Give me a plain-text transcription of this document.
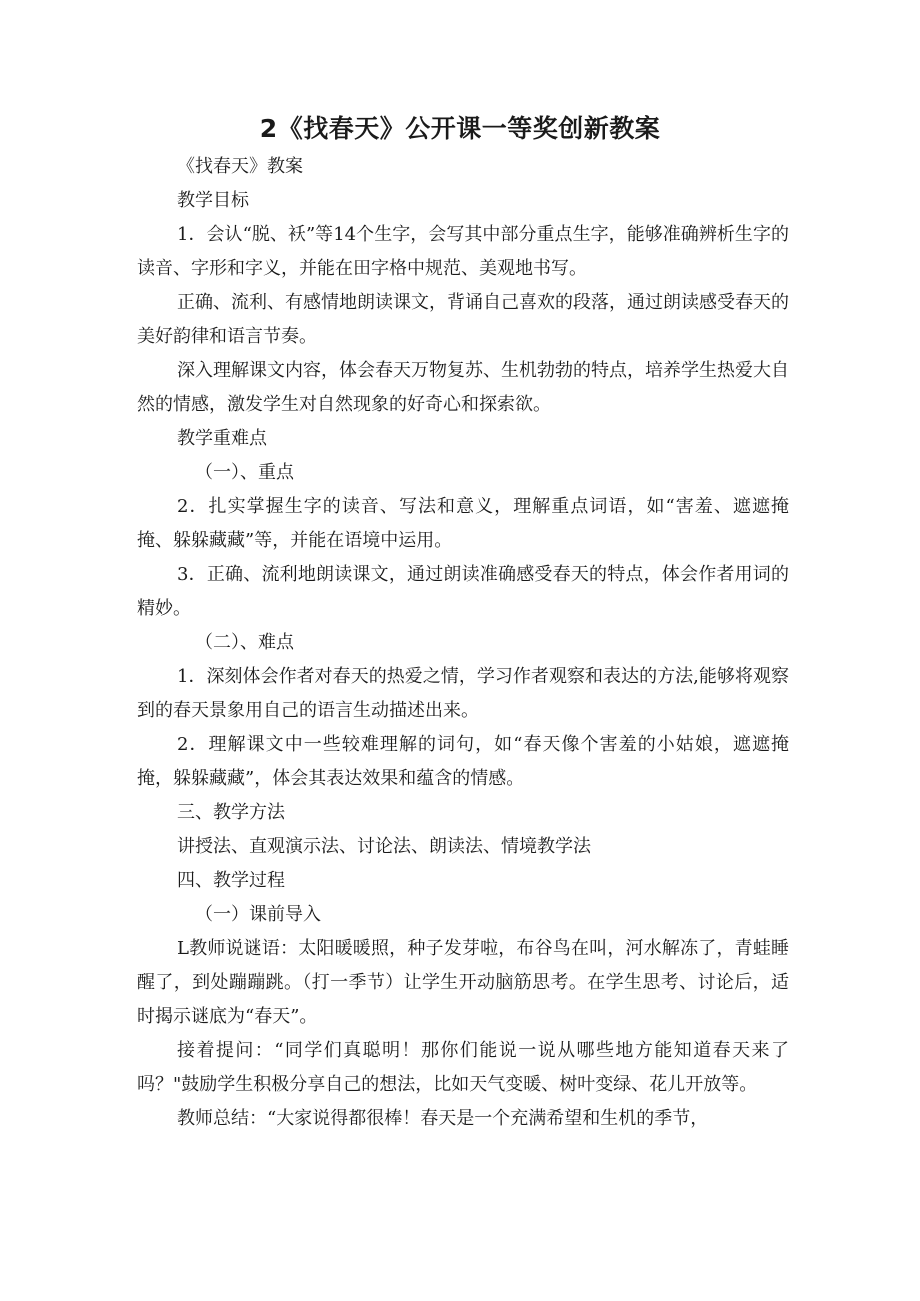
2《找春天》公开课一等奖创新教案

《找春天》教案

教学目标

1．会认“脱、袄”等14个生字，会写其中部分重点生字，能够准确辨析生字的读音、字形和字义，并能在田字格中规范、美观地书写。

正确、流利、有感情地朗读课文，背诵自己喜欢的段落，通过朗读感受春天的美好韵律和语言节奏。

深入理解课文内容，体会春天万物复苏、生机勃勃的特点，培养学生热爱大自然的情感，激发学生对自然现象的好奇心和探索欲。

教学重难点

（一）、重点

2．扎实掌握生字的读音、写法和意义，理解重点词语，如“害羞、遮遮掩掩、躲躲藏藏”等，并能在语境中运用。

3．正确、流利地朗读课文，通过朗读准确感受春天的特点，体会作者用词的精妙。

（二）、难点

1．深刻体会作者对春天的热爱之情，学习作者观察和表达的方法,能够将观察到的春天景象用自己的语言生动描述出来。

2．理解课文中一些较难理解的词句，如“春天像个害羞的小姑娘，遮遮掩掩，躲躲藏藏”，体会其表达效果和蕴含的情感。

三、教学方法

讲授法、直观演示法、讨论法、朗读法、情境教学法

四、教学过程

（一）课前导入

L教师说谜语：太阳暖暖照，种子发芽啦，布谷鸟在叫，河水解冻了，青蛙睡醒了，到处蹦蹦跳。（打一季节）让学生开动脑筋思考。在学生思考、讨论后，适时揭示谜底为“春天”。

接着提问：“同学们真聪明！那你们能说一说从哪些地方能知道春天来了吗？"鼓励学生积极分享自己的想法，比如天气变暖、树叶变绿、花儿开放等。

教师总结：“大家说得都很棒！春天是一个充满希望和生机的季节，
